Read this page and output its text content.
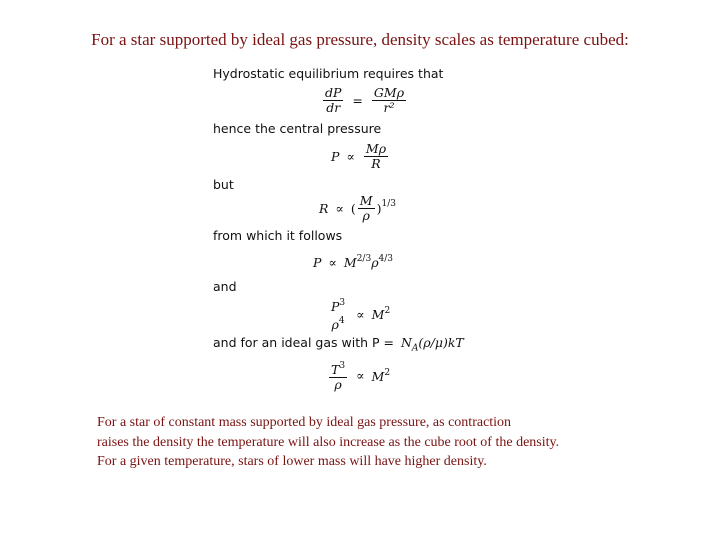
For a star supported by ideal gas pressure, density scales as temperature cubed:
Hydrostatic equilibrium requires that
$\frac{dP}{dr} = \frac{\text{GMρ}}{\text{r²}}$
hence the central pressure
$P \propto \frac{M\rho}{R}$
but
R ∝ ( $\frac{M}{\rho} )^{1/3}$
from which it follows
$P \propto M^{2/3}\rho^{4/3}$
and
$P^3$
$\rho^4 \propto M^2$
and for an ideal gas with $P = N_A(\rho/\mu)kT$
$\frac{T^3}{\rho} \propto M^2$
For a star of constant mass supported by ideal gas pressure, as contraction
raises the density the temperature will also increase as the cube root of the density.
For a given temperature, stars of lower mass will have higher density.
